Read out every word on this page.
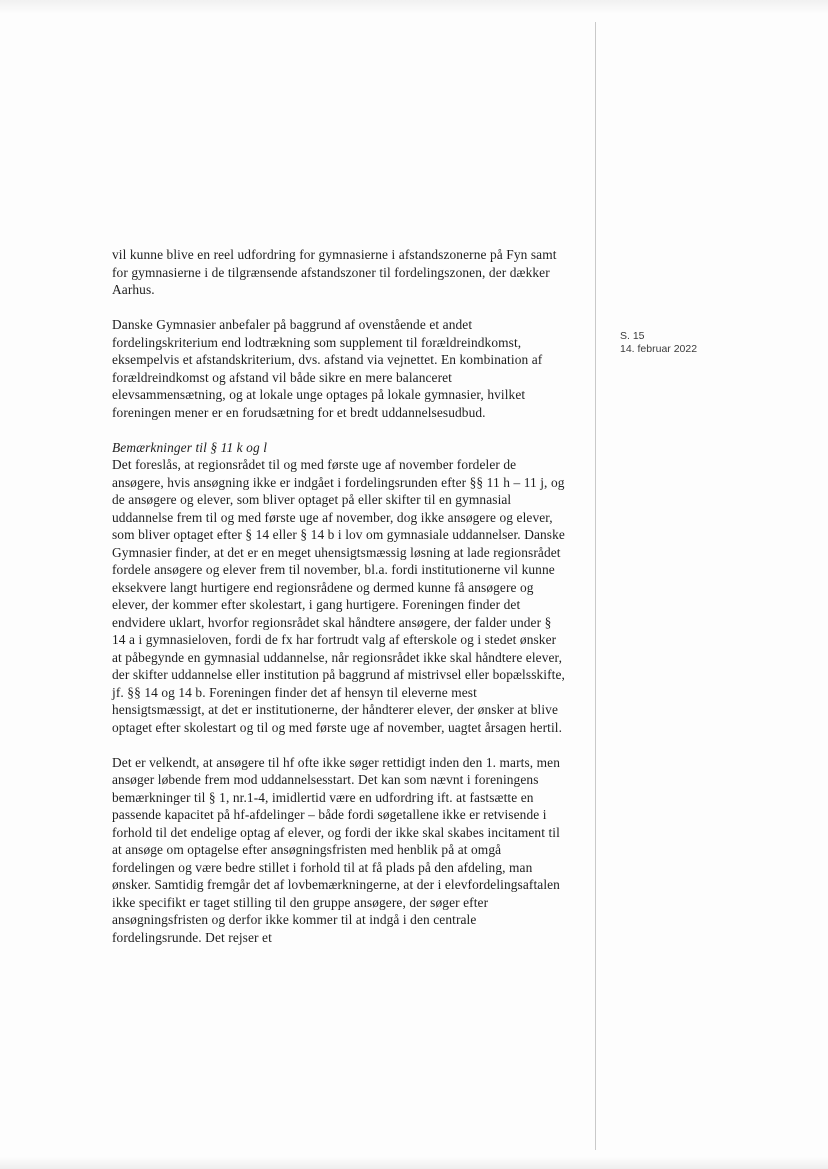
vil kunne blive en reel udfordring for gymnasierne i afstandszonerne på Fyn samt for gymnasierne i de tilgrænsende afstandszoner til fordelingszonen, der dækker Aarhus.

Danske Gymnasier anbefaler på baggrund af ovenstående et andet fordelingskriterium end lodtrækning som supplement til forældreindkomst, eksempelvis et afstandskriterium, dvs. afstand via vejnettet. En kombination af forældreindkomst og afstand vil både sikre en mere balanceret elevsammensætning, og at lokale unge optages på lokale gymnasier, hvilket foreningen mener er en forudsætning for et bredt uddannelsesudbud.

Bemærkninger til § 11 k og l
Det foreslås, at regionsrådet til og med første uge af november fordeler de ansøgere, hvis ansøgning ikke er indgået i fordelingsrunden efter §§ 11 h – 11 j, og de ansøgere og elever, som bliver optaget på eller skifter til en gymnasial uddannelse frem til og med første uge af november, dog ikke ansøgere og elever, som bliver optaget efter § 14 eller § 14 b i lov om gymnasiale uddannelser. Danske Gymnasier finder, at det er en meget uhensigtsmæssig løsning at lade regionsrådet fordele ansøgere og elever frem til november, bl.a. fordi institutionerne vil kunne eksekvere langt hurtigere end regionsrådene og dermed kunne få ansøgere og elever, der kommer efter skolestart, i gang hurtigere. Foreningen finder det endvidere uklart, hvorfor regionsrådet skal håndtere ansøgere, der falder under § 14 a i gymnasieloven, fordi de fx har fortrudt valg af efterskole og i stedet ønsker at påbegynde en gymnasial uddannelse, når regionsrådet ikke skal håndtere elever, der skifter uddannelse eller institution på baggrund af mistrivsel eller bopælsskifte, jf. §§ 14 og 14 b. Foreningen finder det af hensyn til eleverne mest hensigtsmæssigt, at det er institutionerne, der håndterer elever, der ønsker at blive optaget efter skolestart og til og med første uge af november, uagtet årsagen hertil.

Det er velkendt, at ansøgere til hf ofte ikke søger rettidigt inden den 1. marts, men ansøger løbende frem mod uddannelsesstart. Det kan som nævnt i foreningens bemærkninger til § 1, nr.1-4, imidlertid være en udfordring ift. at fastsætte en passende kapacitet på hf-afdelinger – både fordi søgetallene ikke er retvisende i forhold til det endelige optag af elever, og fordi der ikke skal skabes incitament til at ansøge om optagelse efter ansøgningsfristen med henblik på at omgå fordelingen og være bedre stillet i forhold til at få plads på den afdeling, man ønsker. Samtidig fremgår det af lovbemærkningerne, at der i elevfordelingsaftalen ikke specifikt er taget stilling til den gruppe ansøgere, der søger efter ansøgningsfristen og derfor ikke kommer til at indgå i den centrale fordelingsrunde. Det rejser et

S. 15
14. februar 2022
